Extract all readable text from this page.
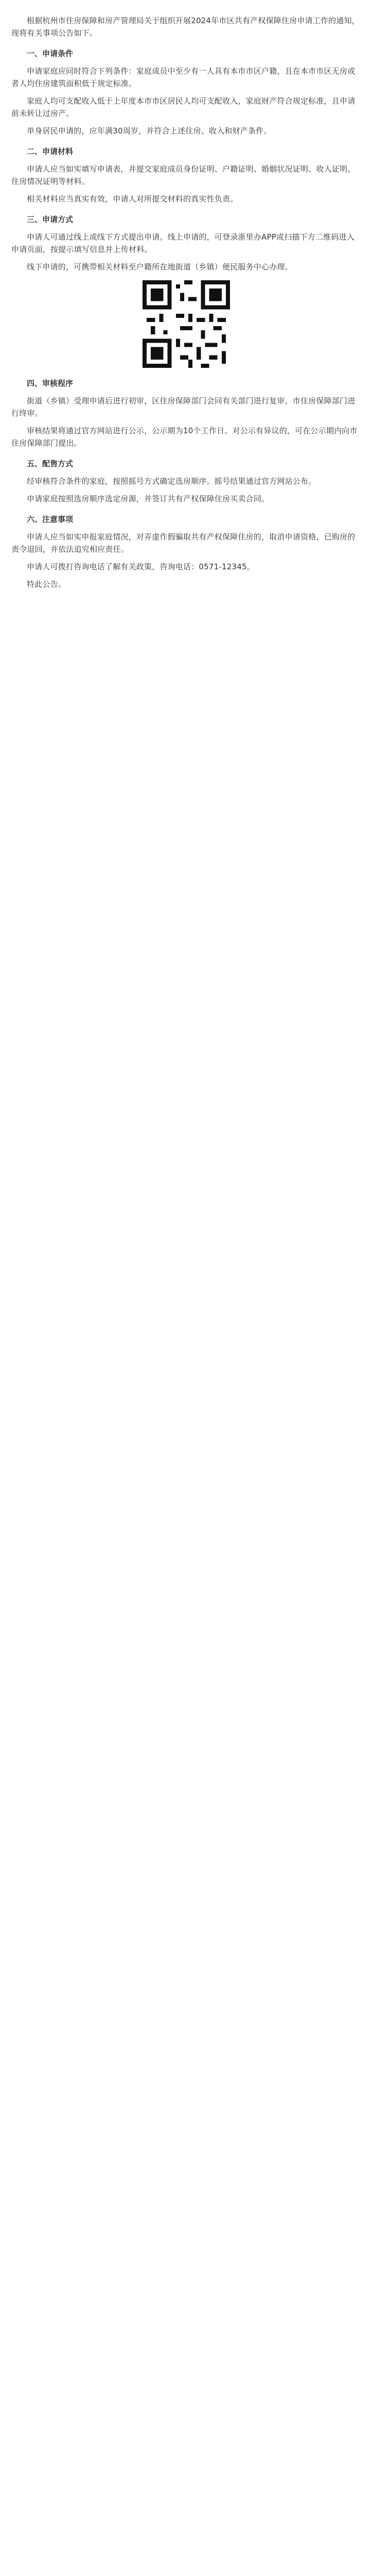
根据杭州市住房保障和房产管理局关于组织开展2024年市区共有产权保障住房申请工作的通知，现将有关事项公告如下。

一、申请条件

申请家庭应同时符合下列条件：家庭成员中至少有一人具有本市市区户籍，且在本市市区无房或者人均住房建筑面积低于规定标准。

家庭人均可支配收入低于上年度本市市区居民人均可支配收入，家庭财产符合规定标准，且申请前未转让过房产。

单身居民申请的，应年满30周岁，并符合上述住房、收入和财产条件。

二、申请材料

申请人应当如实填写申请表，并提交家庭成员身份证明、户籍证明、婚姻状况证明、收入证明、住房情况证明等材料。

相关材料应当真实有效，申请人对所提交材料的真实性负责。

三、申请方式

申请人可通过线上或线下方式提出申请。线上申请的，可登录浙里办APP或扫描下方二维码进入申请页面，按提示填写信息并上传材料。

线下申请的，可携带相关材料至户籍所在地街道（乡镇）便民服务中心办理。

四、审核程序

街道（乡镇）受理申请后进行初审，区住房保障部门会同有关部门进行复审，市住房保障部门进行终审。

审核结果将通过官方网站进行公示，公示期为10个工作日。对公示有异议的，可在公示期内向市住房保障部门提出。

五、配售方式

经审核符合条件的家庭，按照摇号方式确定选房顺序。摇号结果通过官方网站公布。

申请家庭按照选房顺序选定房源，并签订共有产权保障住房买卖合同。

六、注意事项

申请人应当如实申报家庭情况，对弄虚作假骗取共有产权保障住房的，取消申请资格，已购房的责令退回，并依法追究相应责任。

申请人可拨打咨询电话了解有关政策，咨询电话：0571-12345。

特此公告。
